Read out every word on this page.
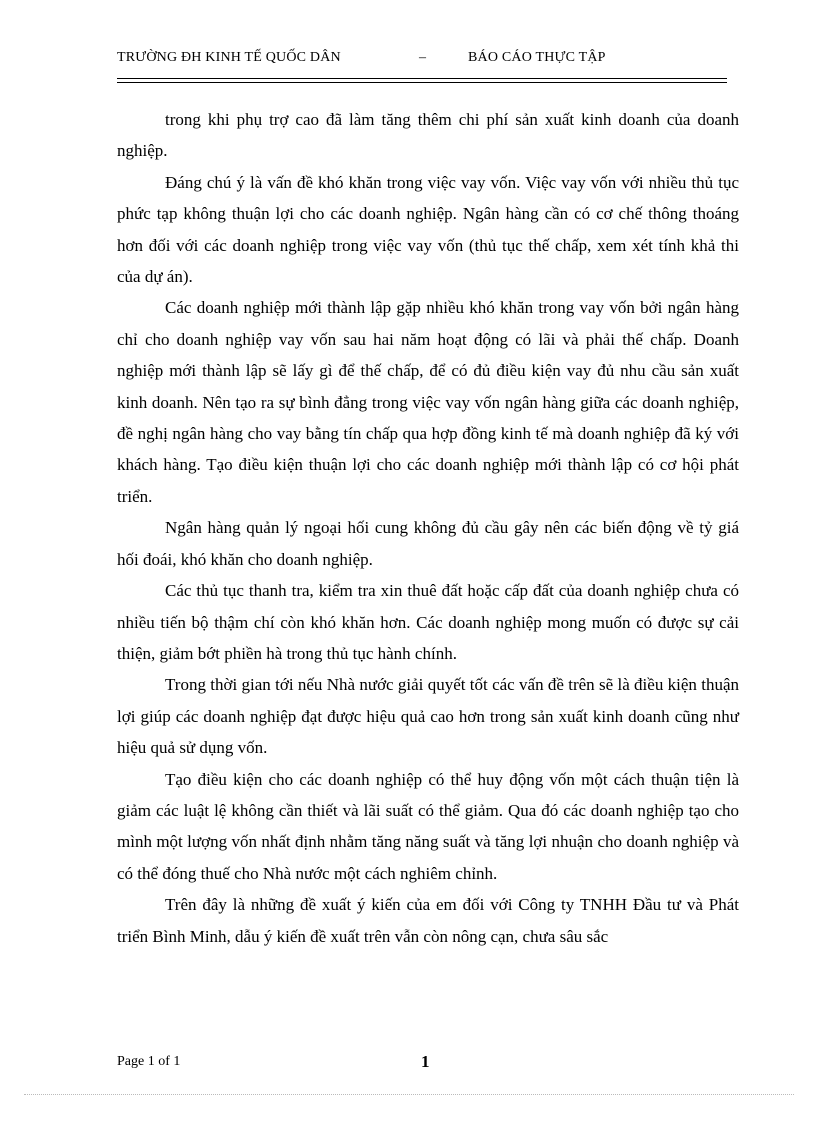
TRƯỜNG ĐH KINH TẾ QUỐC DÂN	–	BÁO CÁO THỰC TẬP

trong khi phụ trợ cao đã làm tăng thêm chi phí sản xuất kinh doanh của doanh nghiệp.

Đáng chú ý là vấn đề khó khăn trong việc vay vốn. Việc vay vốn với nhiều thủ tục phức tạp không thuận lợi cho các doanh nghiệp. Ngân hàng cần có cơ chế thông thoáng hơn đối với các doanh nghiệp trong việc vay vốn (thủ tục thế chấp, xem xét tính khả thi của dự án).

Các doanh nghiệp mới thành lập gặp nhiều khó khăn trong vay vốn bởi ngân hàng chỉ cho doanh nghiệp vay vốn sau hai năm hoạt động có lãi và phải thế chấp. Doanh nghiệp mới thành lập sẽ lấy gì để thế chấp, để có đủ điều kiện vay đủ nhu cầu sản xuất kinh doanh. Nên tạo ra sự bình đẳng trong việc vay vốn ngân hàng giữa các doanh nghiệp, đề nghị ngân hàng cho vay bằng tín chấp qua hợp đồng kinh tế mà doanh nghiệp đã ký với khách hàng. Tạo điều kiện thuận lợi cho các doanh nghiệp mới thành lập có cơ hội phát triển.

Ngân hàng quản lý ngoại hối cung không đủ cầu gây nên các biến động về tỷ giá hối đoái, khó khăn cho doanh nghiệp.

Các thủ tục thanh tra, kiểm tra xin thuê đất hoặc cấp đất của doanh nghiệp chưa có nhiều tiến bộ thậm chí còn khó khăn hơn. Các doanh nghiệp mong muốn có được sự cải thiện, giảm bớt phiền hà trong thủ tục hành chính.

Trong thời gian tới nếu Nhà nước giải quyết tốt các vấn đề trên sẽ là điều kiện thuận lợi giúp các doanh nghiệp đạt được hiệu quả cao hơn trong sản xuất kinh doanh cũng như hiệu quả sử dụng vốn.

Tạo điều kiện cho các doanh nghiệp có thể huy động vốn một cách thuận tiện là giảm các luật lệ không cần thiết và lãi suất có thể giảm. Qua đó các doanh nghiệp tạo cho mình một lượng vốn nhất định nhằm tăng năng suất và tăng lợi nhuận cho doanh nghiệp và có thể đóng thuế cho Nhà nước một cách nghiêm chỉnh.

Trên đây là những đề xuất ý kiến của em đối với Công ty TNHH Đầu tư và Phát triển Bình Minh, dẫu ý kiến đề xuất trên vẫn còn nông cạn, chưa sâu sắc

Page 1 of 1	1
